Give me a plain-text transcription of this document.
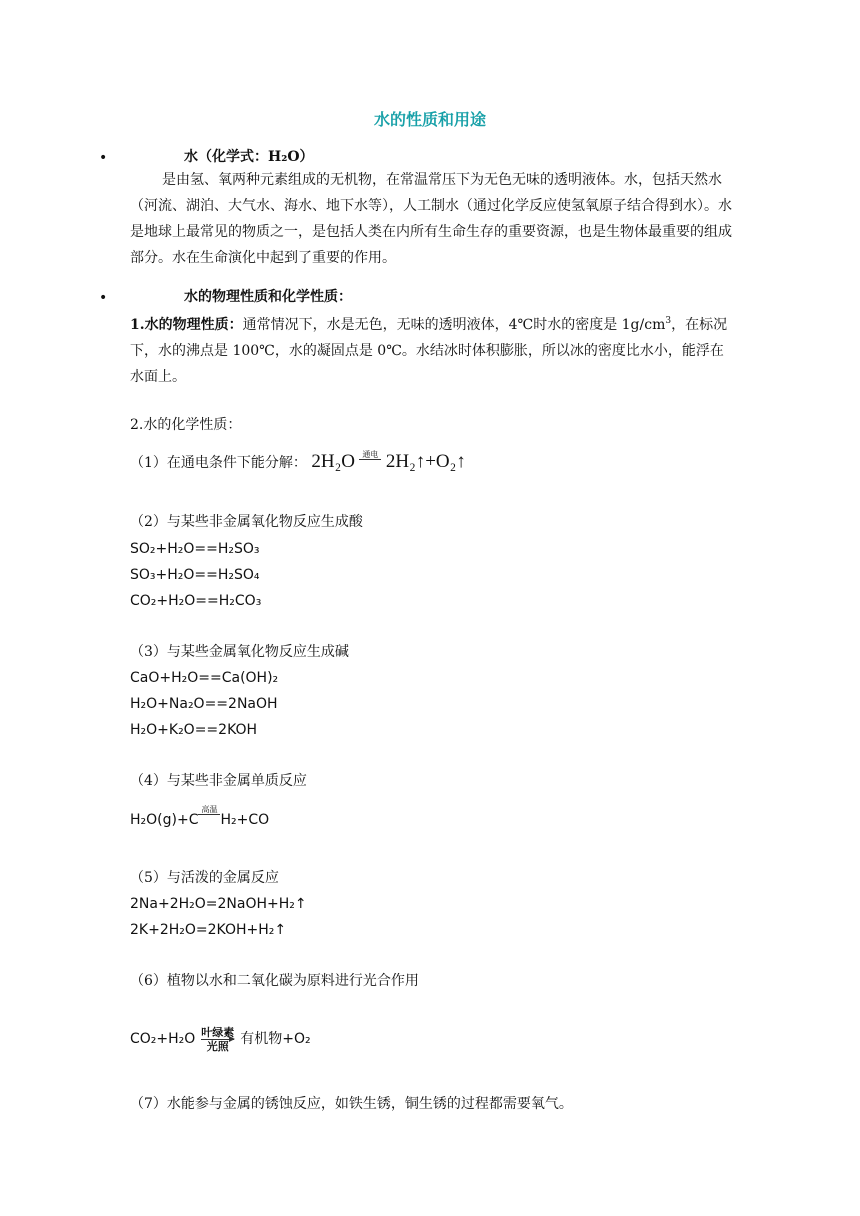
水的性质和用途
•	水（化学式：H₂O）
是由氢、氧两种元素组成的无机物，在常温常压下为无色无味的透明液体。水，包括天然水（河流、湖泊、大气水、海水、地下水等），人工制水（通过化学反应使氢氧原子结合得到水）。水是地球上最常见的物质之一，是包括人类在内所有生命生存的重要资源，也是生物体最重要的组成部分。水在生命演化中起到了重要的作用。
•	水的物理性质和化学性质：
1.水的物理性质：通常情况下，水是无色，无味的透明液体，4℃时水的密度是 $1g/cm^3$，在标况下，水的沸点是 100℃，水的凝固点是 0℃。水结冰时体积膨胀，所以冰的密度比水小，能浮在水面上。
2.水的化学性质：
（1）在通电条件下能分解： 2H₂O 通电 2H₂↑+O₂↑
（2）与某些非金属氧化物反应生成酸
SO₂+H₂O==H₂SO₃
SO₃+H₂O==H₂SO₄
CO₂+H₂O==H₂CO₃
（3）与某些金属氧化物反应生成碱
CaO+H₂O==Ca(OH)₂
H₂O+Na₂O==2NaOH
H₂O+K₂O==2KOH
（4）与某些非金属单质反应
H₂O(g)+C
高温
H₂+CO
（5）与活泼的金属反应
2Na+2H₂O=2NaOH+H₂↑
2K+2H₂O=2KOH+H₂↑
（6）植物以水和二氧化碳为原料进行光合作用
CO₂+H₂O 叶绿素
光照 有机物+O₂
（7）水能参与金属的锈蚀反应，如铁生锈，铜生锈的过程都需要氧气。
